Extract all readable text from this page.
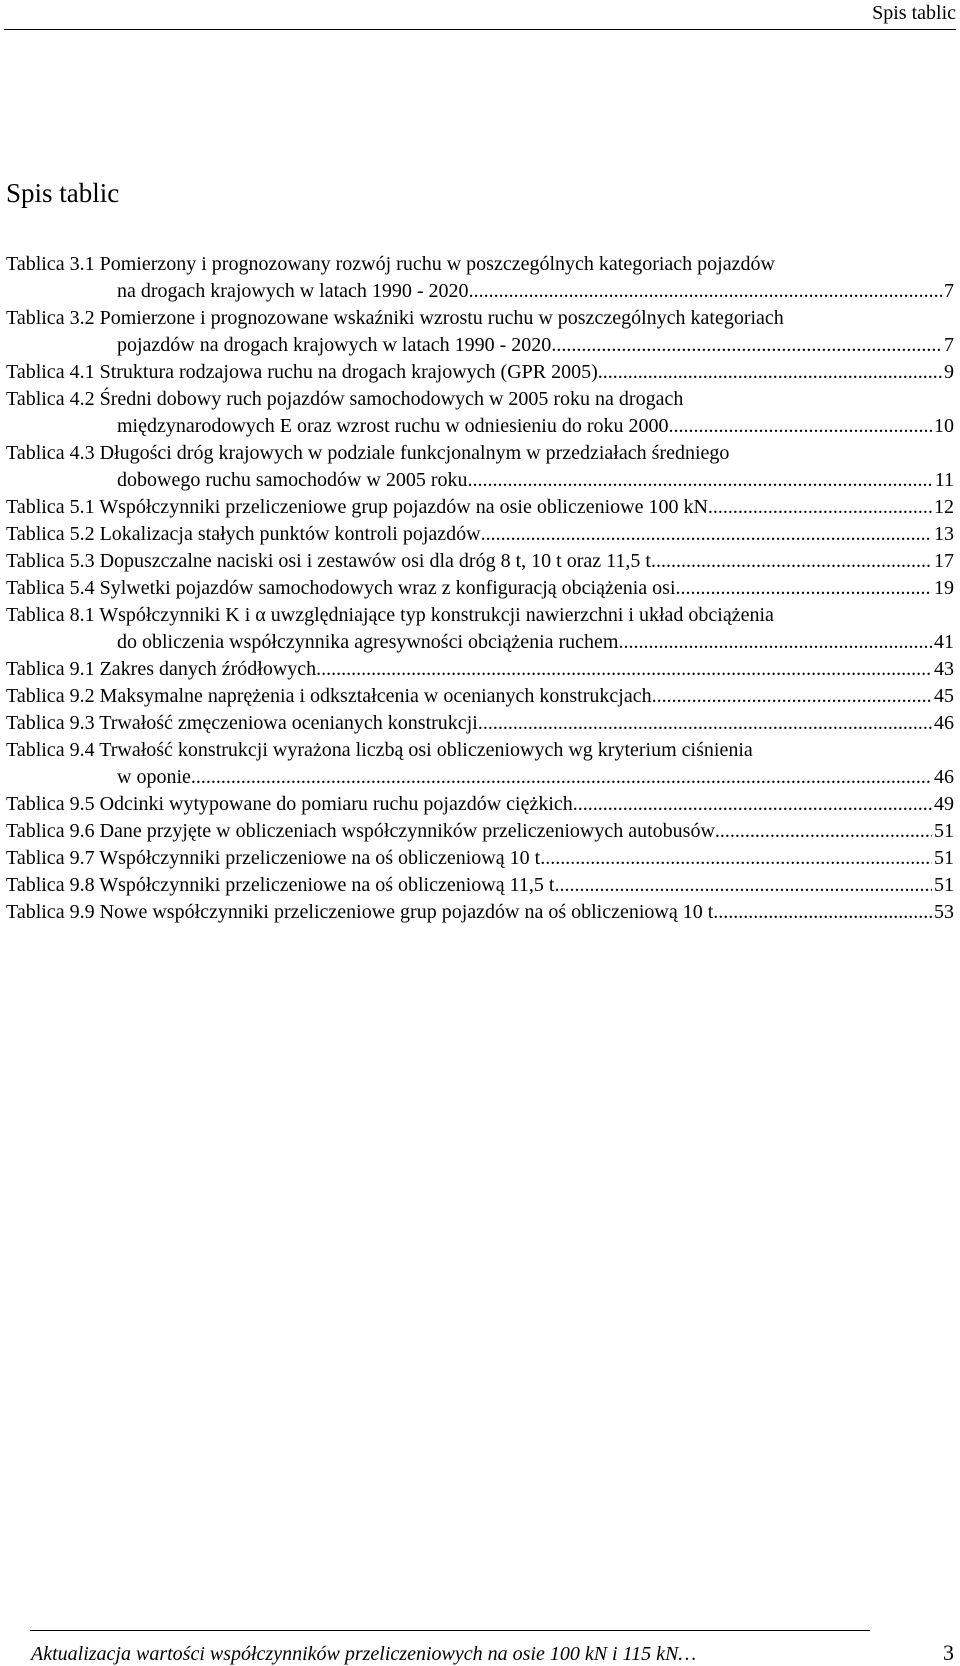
Spis tablic
Spis tablic
Tablica 3.1 Pomierzony i prognozowany rozwój ruchu w poszczególnych kategoriach pojazdów
na drogach krajowych w latach 1990 - 2020 .....	7
Tablica 3.2 Pomierzone i prognozowane wskaźniki wzrostu ruchu w poszczególnych kategoriach
pojazdów na drogach krajowych w latach 1990 - 2020 .....	7
Tablica 4.1 Struktura rodzajowa ruchu na drogach krajowych (GPR 2005) .....	9
Tablica 4.2 Średni dobowy ruch pojazdów samochodowych w 2005 roku na drogach
międzynarodowych E oraz wzrost ruchu w odniesieniu do roku 2000 .....	10
Tablica 4.3 Długości dróg krajowych w podziale funkcjonalnym w przedziałach średniego
dobowego ruchu samochodów w 2005 roku .....	11
Tablica 5.1 Współczynniki przeliczeniowe grup pojazdów na osie obliczeniowe 100 kN .....	12
Tablica 5.2 Lokalizacja stałych punktów kontroli pojazdów .....	13
Tablica 5.3 Dopuszczalne naciski osi i zestawów osi dla dróg 8 t, 10 t oraz 11,5 t .....	17
Tablica 5.4 Sylwetki pojazdów samochodowych wraz z konfiguracją obciążenia osi .....	19
Tablica 8.1 Współczynniki K i α uwzględniające typ konstrukcji nawierzchni i układ obciążenia
do obliczenia współczynnika agresywności obciążenia ruchem .....	41
Tablica 9.1 Zakres danych źródłowych .....	43
Tablica 9.2 Maksymalne naprężenia i odkształcenia w ocenianych konstrukcjach .....	45
Tablica 9.3 Trwałość zmęczeniowa ocenianych konstrukcji .....	46
Tablica 9.4 Trwałość konstrukcji wyrażona liczbą osi obliczeniowych wg kryterium ciśnienia
w oponie .....	46
Tablica 9.5 Odcinki wytypowane do pomiaru ruchu pojazdów ciężkich .....	49
Tablica 9.6 Dane przyjęte w obliczeniach współczynników przeliczeniowych autobusów .....	51
Tablica 9.7 Współczynniki przeliczeniowe na oś obliczeniową 10 t .....	51
Tablica 9.8 Współczynniki przeliczeniowe na oś obliczeniową 11,5 t .....	51
Tablica 9.9 Nowe współczynniki przeliczeniowe grup pojazdów na oś obliczeniową 10 t .....	53
Aktualizacja wartości współczynników przeliczeniowych na osie 100 kN i 115 kN…	3
